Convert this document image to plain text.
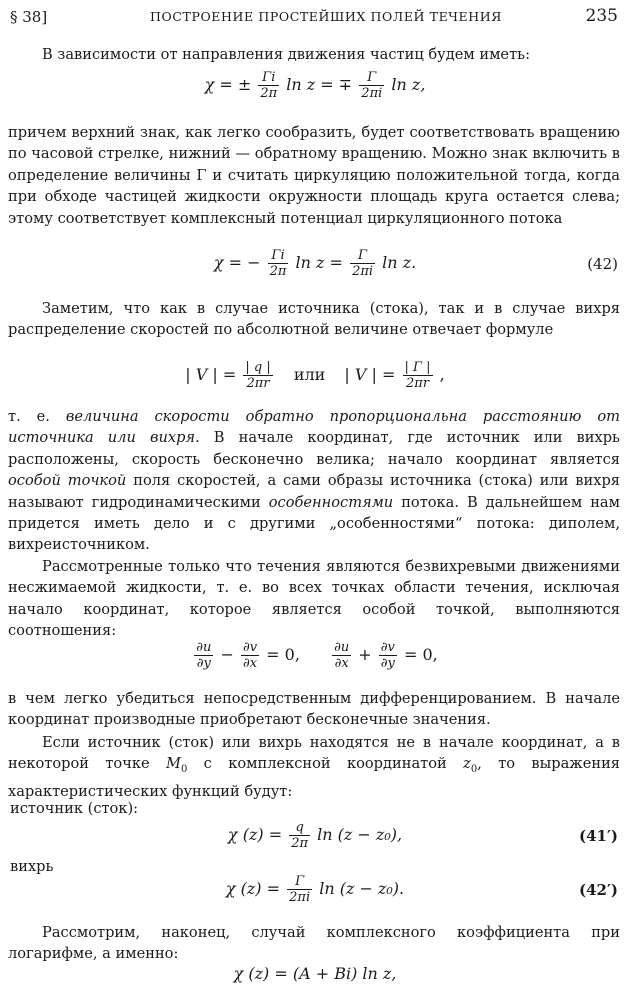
§ 38]	ПОСТРОЕНИЕ ПРОСТЕЙШИХ ПОЛЕЙ ТЕЧЕНИЯ	235

В зависимости от направления движения частиц будем иметь:

χ = ± $\frac{\Gamma i}{2\pi}$ ln z = ∓ $\frac{\Gamma}{2\pi i}$ ln z,

причем верхний знак, как легко сообразить, будет соответствовать вращению по часовой стрелке, нижний — обратному вращению. Можно знак включить в определение величины Γ и считать циркуляцию положительной тогда, когда при обходе частицей жидкости окружности площадь круга остается слева; этому соответствует комплексный потенциал циркуляционного потока

χ = − $\frac{\Gamma i}{2\pi}$ $\ln z = \frac{\Gamma}{2\pi i}$ ln z.	(42)

Заметим, что как в случае источника (стока), так и в случае вихря распределение скоростей по абсолютной величине отвечает формуле

| V | = $\frac{| q |}{2\pi r}$ или | V | = $\frac{| \Gamma |}{2\pi r}$ ,

т. е. величина скорости обратно пропорциональна расстоянию от источника или вихря. В начале координат, где источник или вихрь расположены, скорость бесконечно велика; начало координат является особой точкой поля скоростей, а сами образы источника (стока) или вихря называют гидродинамическими особенностями потока. В дальнейшем нам придется иметь дело и с другими „особенностями“ потока: диполем, вихреисточником.

Рассмотренные только что течения являются безвихревыми движениями несжимаемой жидкости, т. е. во всех точках области течения, исключая начало координат, которое является особой точкой, выполняются соотношения:

$\frac{\partial u}{\partial y} - \frac{\partial v}{\partial x} = 0$, $\frac{\partial u}{\partial x} + \frac{\partial v}{\partial y} = 0$,

в чем легко убедиться непосредственным дифференцированием. В начале координат производные приобретают бесконечные значения.

Если источник (сток) или вихрь находятся не в начале координат, а в некоторой точке $M_0$ с комплексной координатой $z_0$, то выражения характеристических функций будут:

источник (сток):
χ $(z) = \frac{q}{2\pi}$ ln (z − z₀),	(41′)
вихрь
χ $(z) = \frac{\Gamma}{2\pi i}$ ln (z − z₀).	(42′)

Рассмотрим, наконец, случай комплексного коэффициента при логарифме, а именно:

χ (z) = (A + Bi) ln z,
